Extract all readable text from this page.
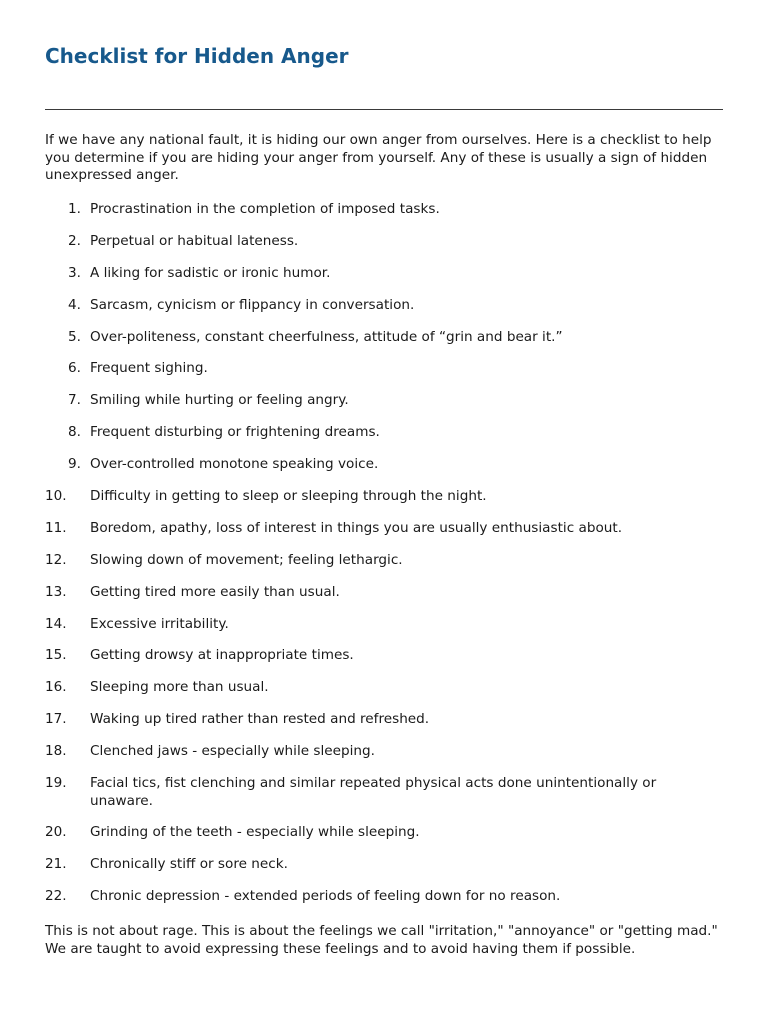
Checklist for Hidden Anger

If we have any national fault, it is hiding our own anger from ourselves. Here is a checklist to help you determine if you are hiding your anger from yourself. Any of these is usually a sign of hidden unexpressed anger.

1. Procrastination in the completion of imposed tasks.
2. Perpetual or habitual lateness.
3. A liking for sadistic or ironic humor.
4. Sarcasm, cynicism or flippancy in conversation.
5. Over-politeness, constant cheerfulness, attitude of “grin and bear it.”
6. Frequent sighing.
7. Smiling while hurting or feeling angry.
8. Frequent disturbing or frightening dreams.
9. Over-controlled monotone speaking voice.
10.	Difficulty in getting to sleep or sleeping through the night.
11.	Boredom, apathy, loss of interest in things you are usually enthusiastic about.
12.	Slowing down of movement; feeling lethargic.
13.	Getting tired more easily than usual.
14.	Excessive irritability.
15.	Getting drowsy at inappropriate times.
16.	Sleeping more than usual.
17.	Waking up tired rather than rested and refreshed.
18.	Clenched jaws - especially while sleeping.
19.	Facial tics, fist clenching and similar repeated physical acts done unintentionally or unaware.
20.	Grinding of the teeth - especially while sleeping.
21.	Chronically stiff or sore neck.
22.	Chronic depression - extended periods of feeling down for no reason.

This is not about rage. This is about the feelings we call "irritation," "annoyance" or "getting mad." We are taught to avoid expressing these feelings and to avoid having them if possible.
